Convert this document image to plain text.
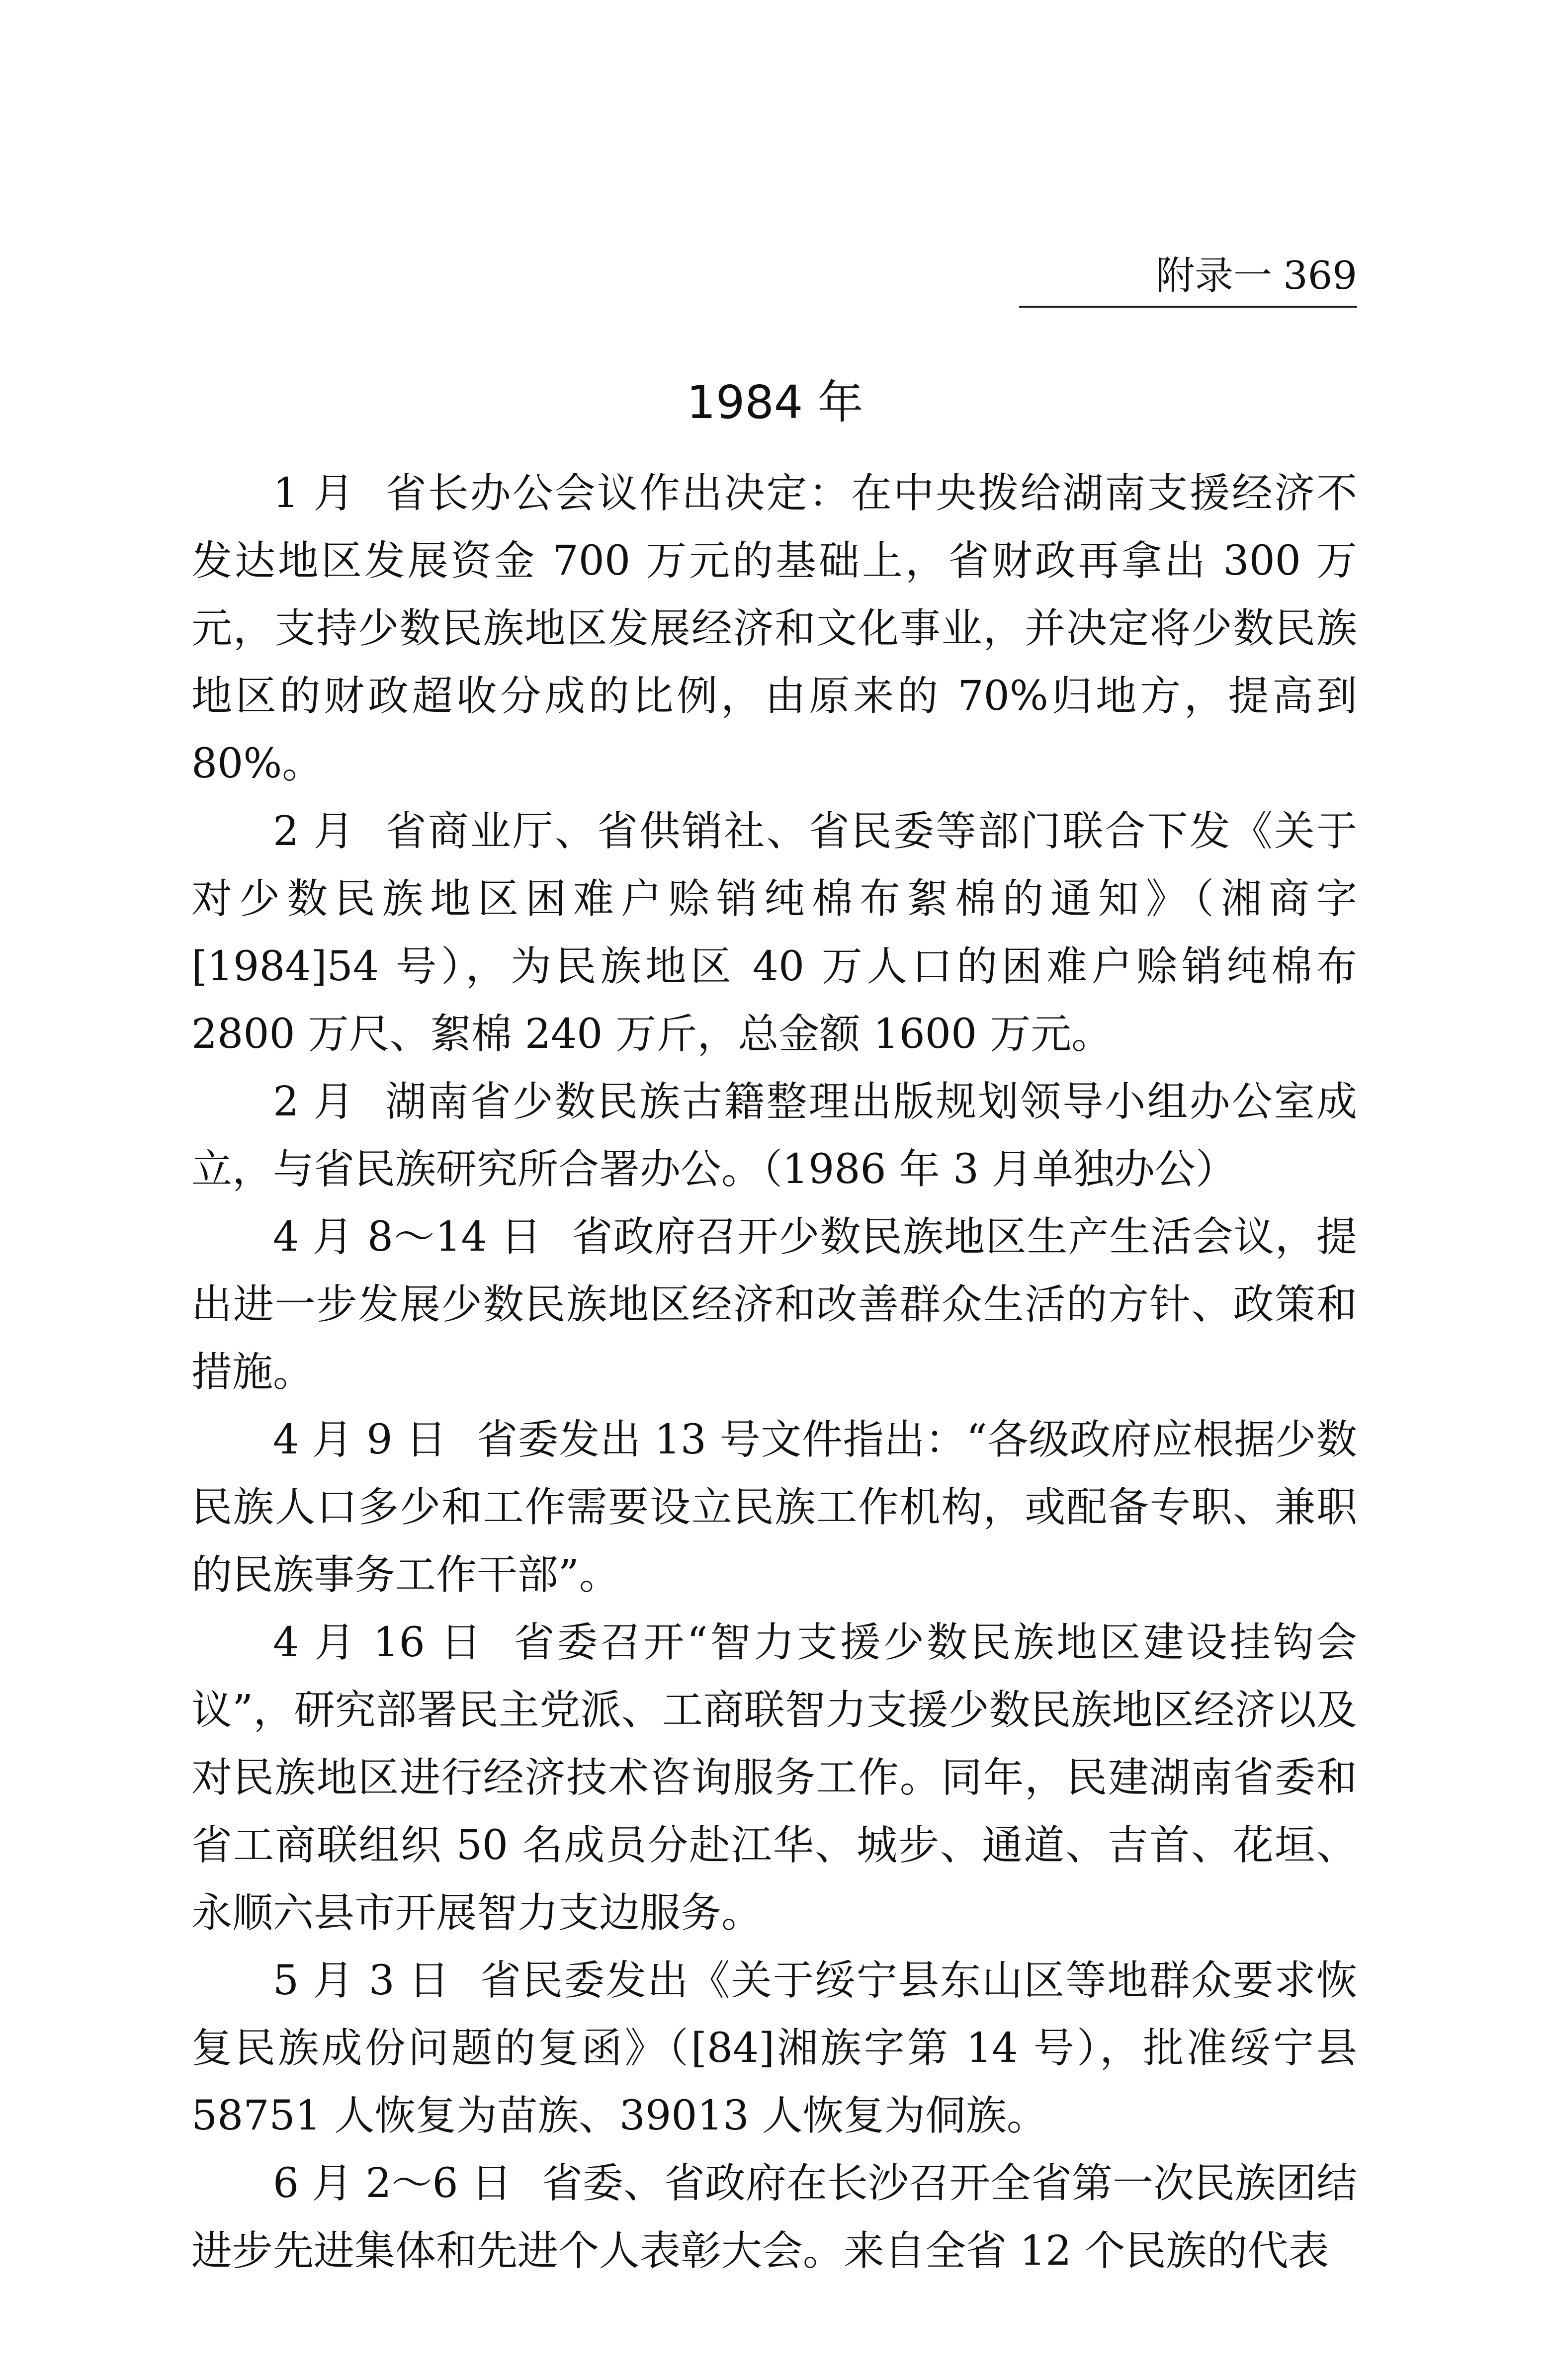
附录一 369
1984 年

1 月 省长办公会议作出决定：在中央拨给湖南支援经济不发达地区发展资金 700 万元的基础上，省财政再拿出 300 万元，支持少数民族地区发展经济和文化事业，并决定将少数民族地区的财政超收分成的比例，由原来的 70%归地方，提高到 80%。

2 月 省商业厅、省供销社、省民委等部门联合下发《关于对少数民族地区困难户赊销纯棉布絮棉的通知》（湘商字[1984]54 号），为民族地区 40 万人口的困难户赊销纯棉布 2800 万尺、絮棉 240 万斤，总金额 1600 万元。

2 月 湖南省少数民族古籍整理出版规划领导小组办公室成立，与省民族研究所合署办公。（1986 年 3 月单独办公）

4 月 8～14 日 省政府召开少数民族地区生产生活会议，提出进一步发展少数民族地区经济和改善群众生活的方针、政策和措施。

4 月 9 日 省委发出 13 号文件指出：“各级政府应根据少数民族人口多少和工作需要设立民族工作机构，或配备专职、兼职的民族事务工作干部”。

4 月 16 日 省委召开“智力支援少数民族地区建设挂钩会议”，研究部署民主党派、工商联智力支援少数民族地区经济以及对民族地区进行经济技术咨询服务工作。同年，民建湖南省委和省工商联组织 50 名成员分赴江华、城步、通道、吉首、花垣、永顺六县市开展智力支边服务。

5 月 3 日 省民委发出《关于绥宁县东山区等地群众要求恢复民族成份问题的复函》（[84]湘族字第 14 号），批准绥宁县 58751 人恢复为苗族、39013 人恢复为侗族。

6 月 2～6 日 省委、省政府在长沙召开全省第一次民族团结进步先进集体和先进个人表彰大会。来自全省 12 个民族的代表
